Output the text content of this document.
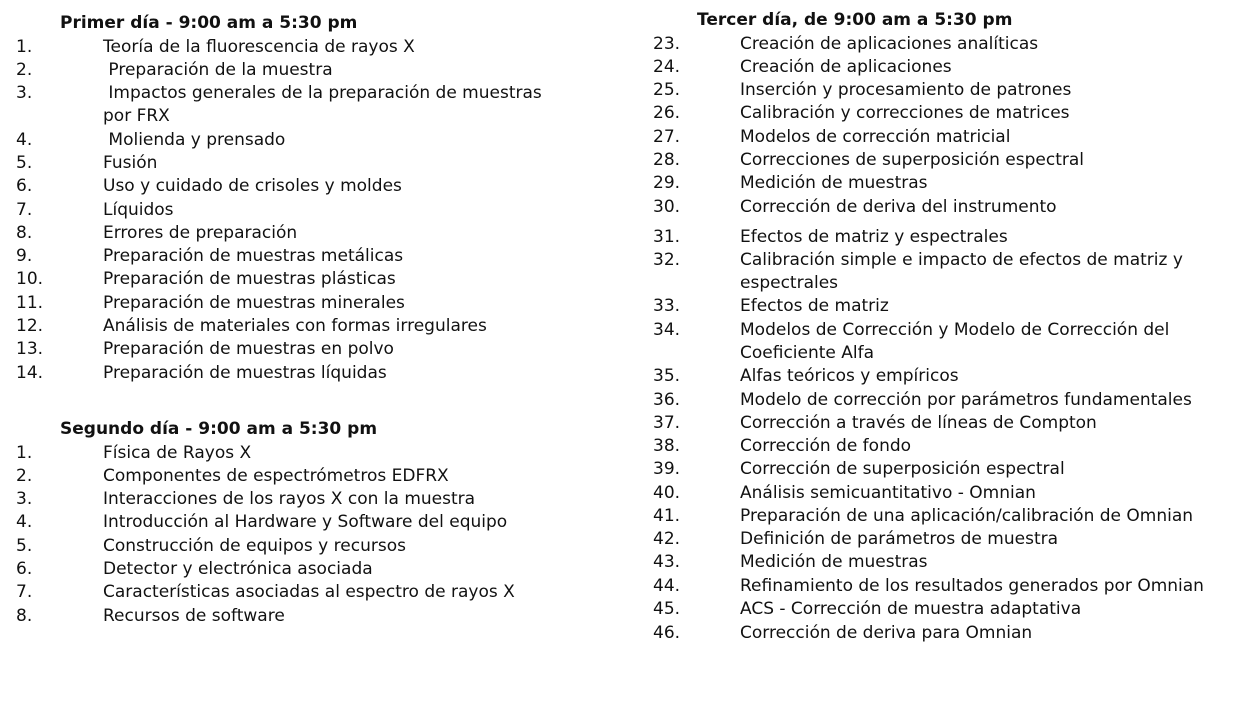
Primer día - 9:00 am a 5:30 pm
1.	Teoría de la fluorescencia de rayos X
2.	Preparación de la muestra
3.	Impactos generales de la preparación de muestras por FRX
4.	Molienda y prensado
5.	Fusión
6.	Uso y cuidado de crisoles y moldes
7.	Líquidos
8.	Errores de preparación
9.	Preparación de muestras metálicas
10.	Preparación de muestras plásticas
11.	Preparación de muestras minerales
12.	Análisis de materiales con formas irregulares
13.	Preparación de muestras en polvo
14.	Preparación de muestras líquidas
Segundo día - 9:00 am a 5:30 pm
1.	Física de Rayos X
2.	Componentes de espectrómetros EDFRX
3.	Interacciones de los rayos X con la muestra
4.	Introducción al Hardware y Software del equipo
5.	Construcción de equipos y recursos
6.	Detector y electrónica asociada
7.	Características asociadas al espectro de rayos X
8.	Recursos de software
Tercer día, de 9:00 am a 5:30 pm
23.	Creación de aplicaciones analíticas
24.	Creación de aplicaciones
25.	Inserción y procesamiento de patrones
26.	Calibración y correcciones de matrices
27.	Modelos de corrección matricial
28.	Correcciones de superposición espectral
29.	Medición de muestras
30.	Corrección de deriva del instrumento
31.	Efectos de matriz y espectrales
32.	Calibración simple e impacto de efectos de matriz y espectrales
33.	Efectos de matriz
34.	Modelos de Corrección y Modelo de Corrección del Coeficiente Alfa
35.	Alfas teóricos y empíricos
36.	Modelo de corrección por parámetros fundamentales
37.	Corrección a través de líneas de Compton
38.	Corrección de fondo
39.	Corrección de superposición espectral
40.	Análisis semicuantitativo - Omnian
41.	Preparación de una aplicación/calibración de Omnian
42.	Definición de parámetros de muestra
43.	Medición de muestras
44.	Refinamiento de los resultados generados por Omnian
45.	ACS - Corrección de muestra adaptativa
46.	Corrección de deriva para Omnian
